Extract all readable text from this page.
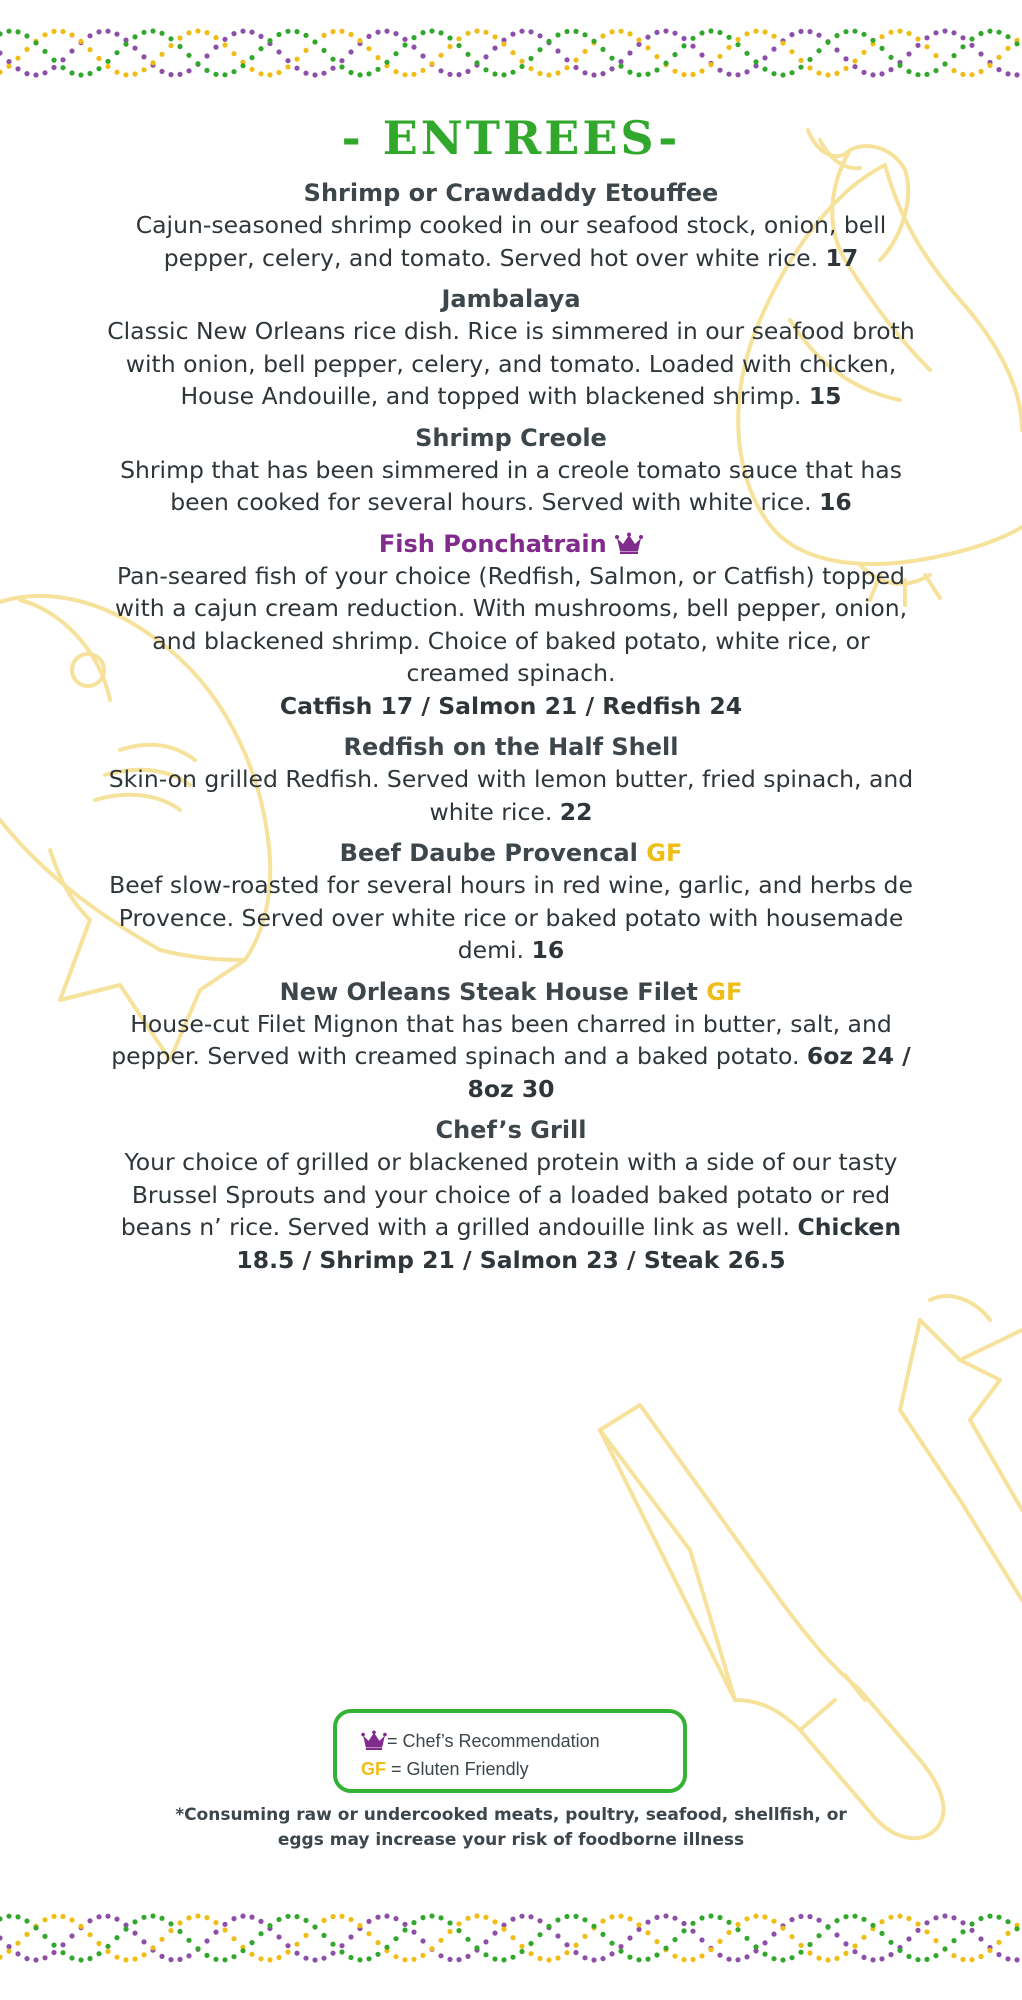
- ENTREES-
Shrimp or Crawdaddy Etouffee
Cajun-seasoned shrimp cooked in our seafood stock, onion, bell pepper, celery, and tomato. Served hot over white rice. 17
Jambalaya
Classic New Orleans rice dish. Rice is simmered in our seafood broth with onion, bell pepper, celery, and tomato. Loaded with chicken, House Andouille, and topped with blackened shrimp. 15
Shrimp Creole
Shrimp that has been simmered in a creole tomato sauce that has been cooked for several hours. Served with white rice. 16
Fish Ponchatrain
Pan-seared fish of your choice (Redfish, Salmon, or Catfish) topped with a cajun cream reduction. With mushrooms, bell pepper, onion, and blackened shrimp. Choice of baked potato, white rice, or creamed spinach.
Catfish 17 / Salmon 21 / Redfish 24
Redfish on the Half Shell
Skin-on grilled Redfish. Served with lemon butter, fried spinach, and white rice. 22
Beef Daube Provencal GF
Beef slow-roasted for several hours in red wine, garlic, and herbs de Provence. Served over white rice or baked potato with housemade demi. 16
New Orleans Steak House Filet GF
House-cut Filet Mignon that has been charred in butter, salt, and pepper. Served with creamed spinach and a baked potato. 6oz 24 / 8oz 30
Chef’s Grill
Your choice of grilled or blackened protein with a side of our tasty Brussel Sprouts and your choice of a loaded baked potato or red beans n’ rice. Served with a grilled andouille link as well. Chicken 18.5 / Shrimp 21 / Salmon 23 / Steak 26.5
= Chef’s Recommendation
GF = Gluten Friendly
*Consuming raw or undercooked meats, poultry, seafood, shellfish, or eggs may increase your risk of foodborne illness
